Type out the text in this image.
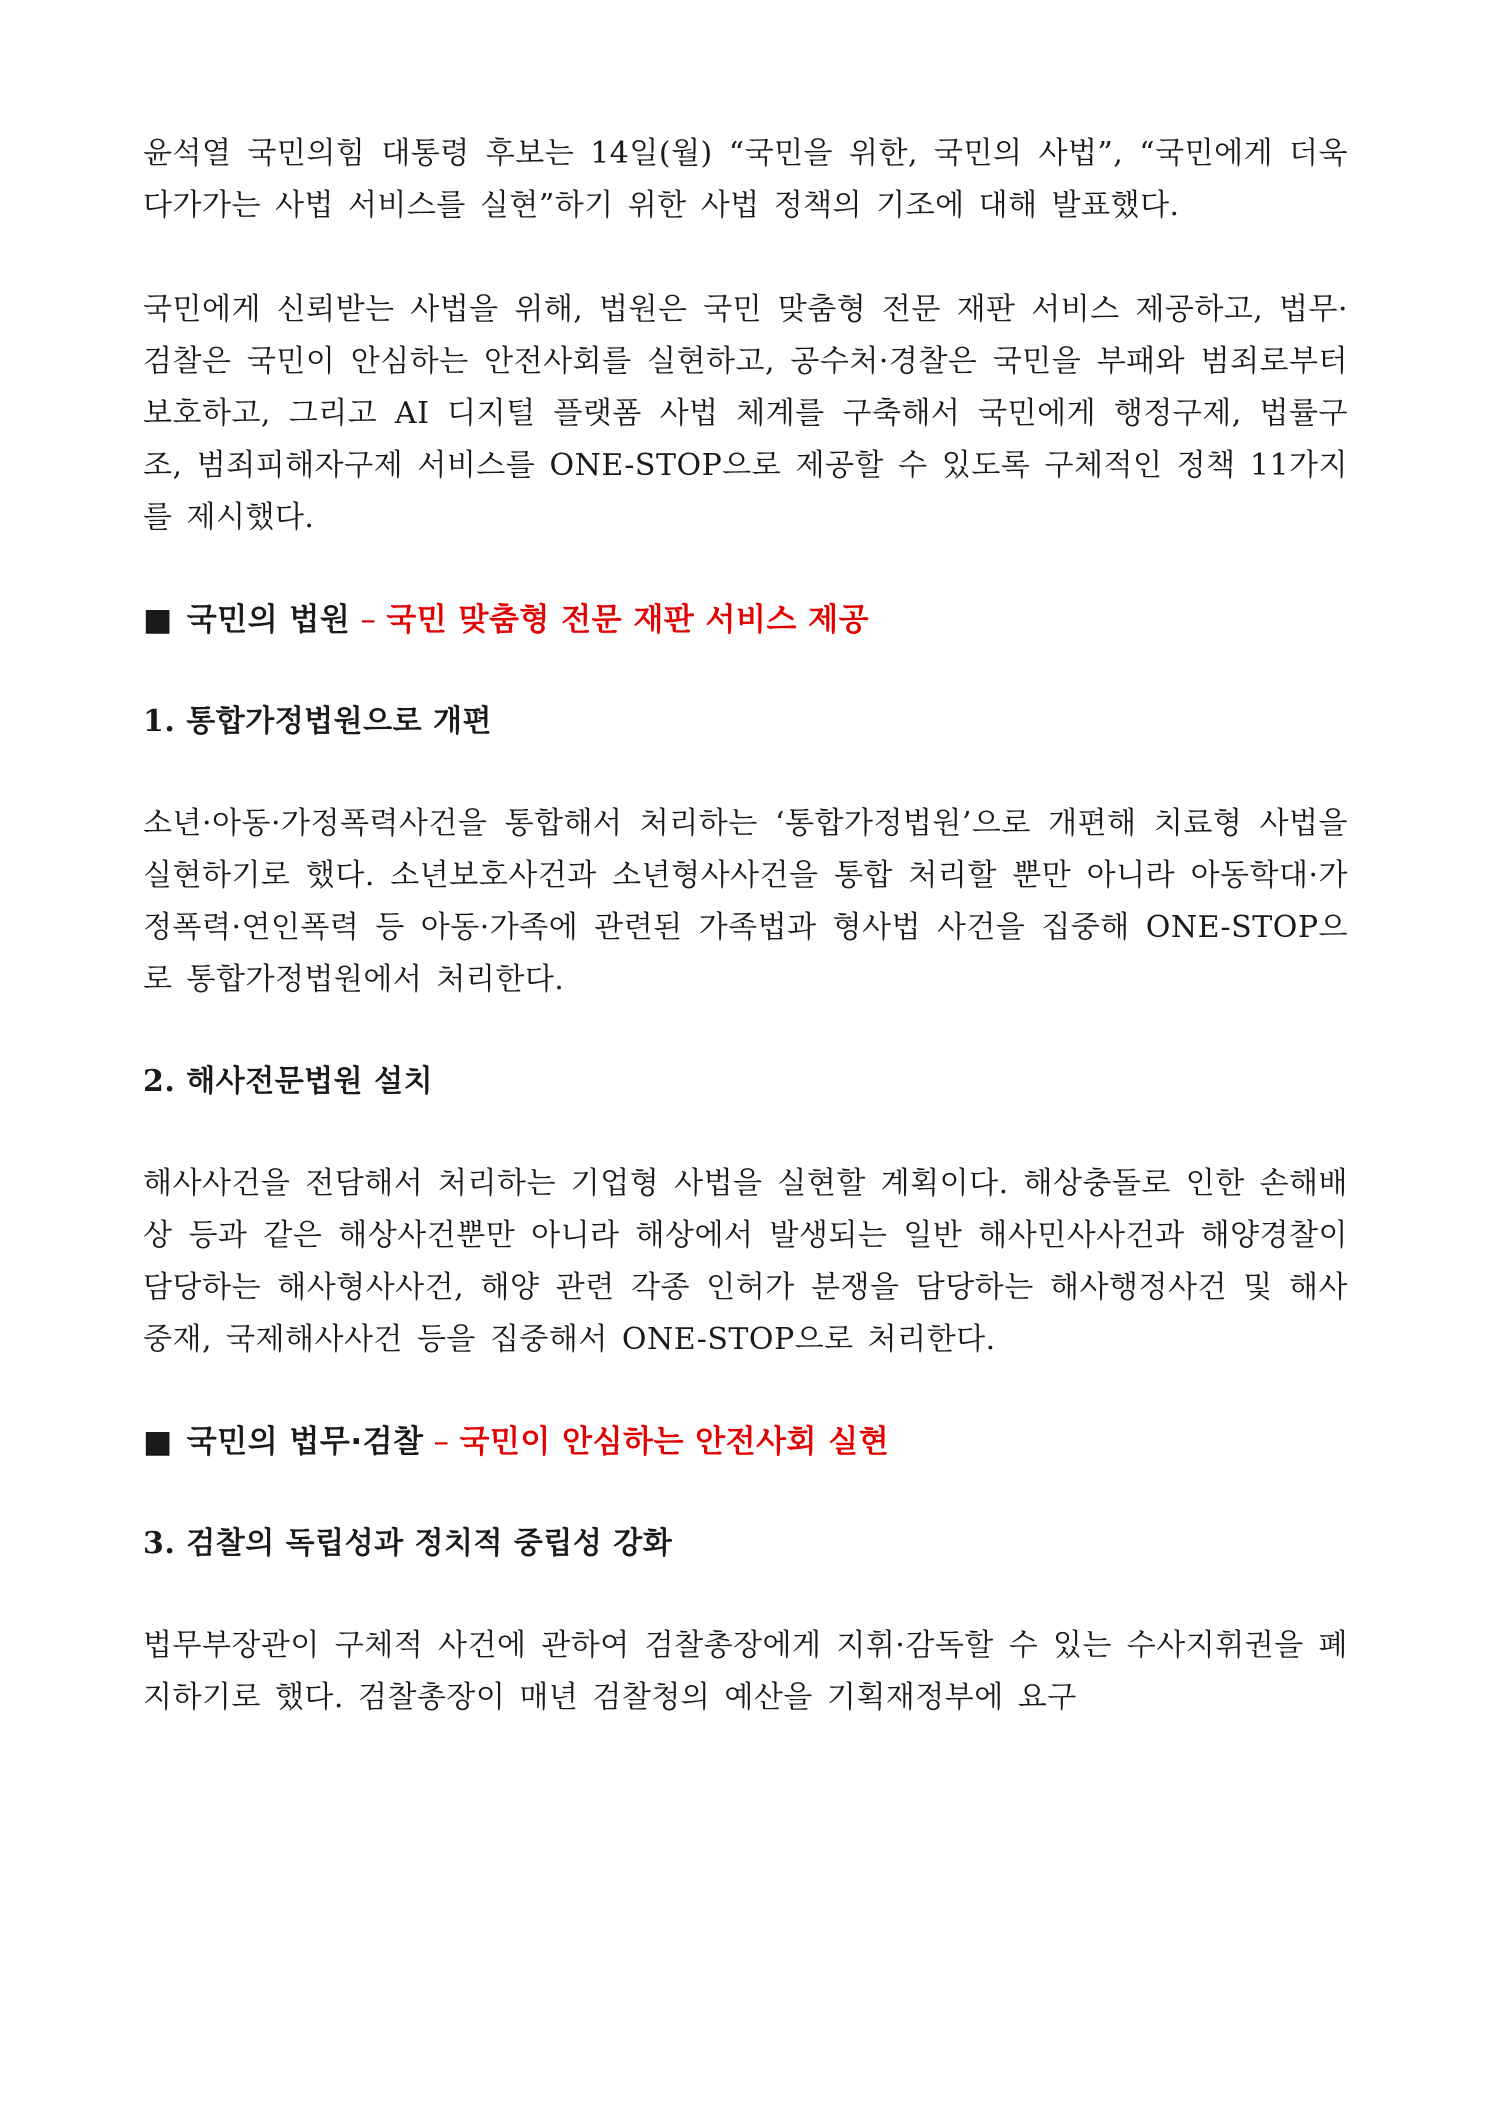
윤석열 국민의힘 대통령 후보는 14일(월) “국민을 위한, 국민의 사법”, “국민에게 더욱 다가가는 사법 서비스를 실현”하기 위한 사법 정책의 기조에 대해 발표했다.

국민에게 신뢰받는 사법을 위해, 법원은 국민 맞춤형 전문 재판 서비스 제공하고, 법무·검찰은 국민이 안심하는 안전사회를 실현하고, 공수처·경찰은 국민을 부패와 범죄로부터 보호하고, 그리고 AI 디지털 플랫폼 사법 체계를 구축해서 국민에게 행정구제, 법률구조, 범죄피해자구제 서비스를 ONE-STOP으로 제공할 수 있도록 구체적인 정책 11가지를 제시했다.

■ 국민의 법원 – 국민 맞춤형 전문 재판 서비스 제공

1. 통합가정법원으로 개편

소년·아동·가정폭력사건을 통합해서 처리하는 ‘통합가정법원’으로 개편해 치료형 사법을 실현하기로 했다. 소년보호사건과 소년형사사건을 통합 처리할 뿐만 아니라 아동학대·가정폭력·연인폭력 등 아동·가족에 관련된 가족법과 형사법 사건을 집중해 ONE-STOP으로 통합가정법원에서 처리한다.

2. 해사전문법원 설치

해사사건을 전담해서 처리하는 기업형 사법을 실현할 계획이다. 해상충돌로 인한 손해배상 등과 같은 해상사건뿐만 아니라 해상에서 발생되는 일반 해사민사사건과 해양경찰이 담당하는 해사형사사건, 해양 관련 각종 인허가 분쟁을 담당하는 해사행정사건 및 해사중재, 국제해사사건 등을 집중해서 ONE-STOP으로 처리한다.

■ 국민의 법무·검찰 – 국민이 안심하는 안전사회 실현

3. 검찰의 독립성과 정치적 중립성 강화

법무부장관이 구체적 사건에 관하여 검찰총장에게 지휘·감독할 수 있는 수사지휘권을 폐지하기로 했다. 검찰총장이 매년 검찰청의 예산을 기획재정부에 요구
